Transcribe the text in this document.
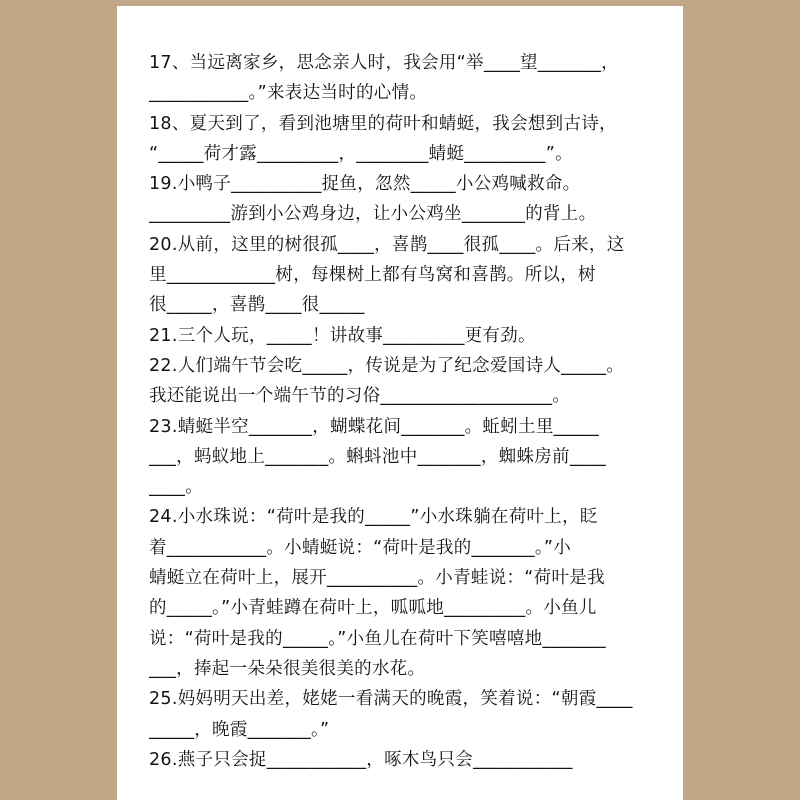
17、当远离家乡，思念亲人时，我会用“举____望_______，
___________。”来表达当时的心情。
18、夏天到了，看到池塘里的荷叶和蜻蜓，我会想到古诗，
“_____荷才露_________，________蜻蜓_________”。
19.小鸭子__________捉鱼，忽然_____小公鸡喊救命。
_________游到小公鸡身边，让小公鸡坐_______的背上。
20.从前，这里的树很孤____，喜鹊____很孤____。后来，这
里____________树，每棵树上都有鸟窝和喜鹊。所以，树
很_____，喜鹊____很_____
21.三个人玩，_____！讲故事_________更有劲。
22.人们端午节会吃_____，传说是为了纪念爱国诗人_____。
我还能说出一个端午节的习俗___________________。
23.蜻蜓半空_______，蝴蝶花间_______。蚯蚓土里_____
___，蚂蚁地上_______。蝌蚪池中_______，蜘蛛房前____
____。
24.小水珠说：“荷叶是我的_____”小水珠躺在荷叶上，眨
着___________。小蜻蜓说：“荷叶是我的_______。”小
蜻蜓立在荷叶上，展开__________。小青蛙说：“荷叶是我
的_____。”小青蛙蹲在荷叶上，呱呱地_________。小鱼儿
说：“荷叶是我的_____。”小鱼儿在荷叶下笑嘻嘻地_______
___，捧起一朵朵很美很美的水花。
25.妈妈明天出差，姥姥一看满天的晚霞，笑着说：“朝霞____
_____，晚霞_______。”
26.燕子只会捉___________，啄木鸟只会___________
